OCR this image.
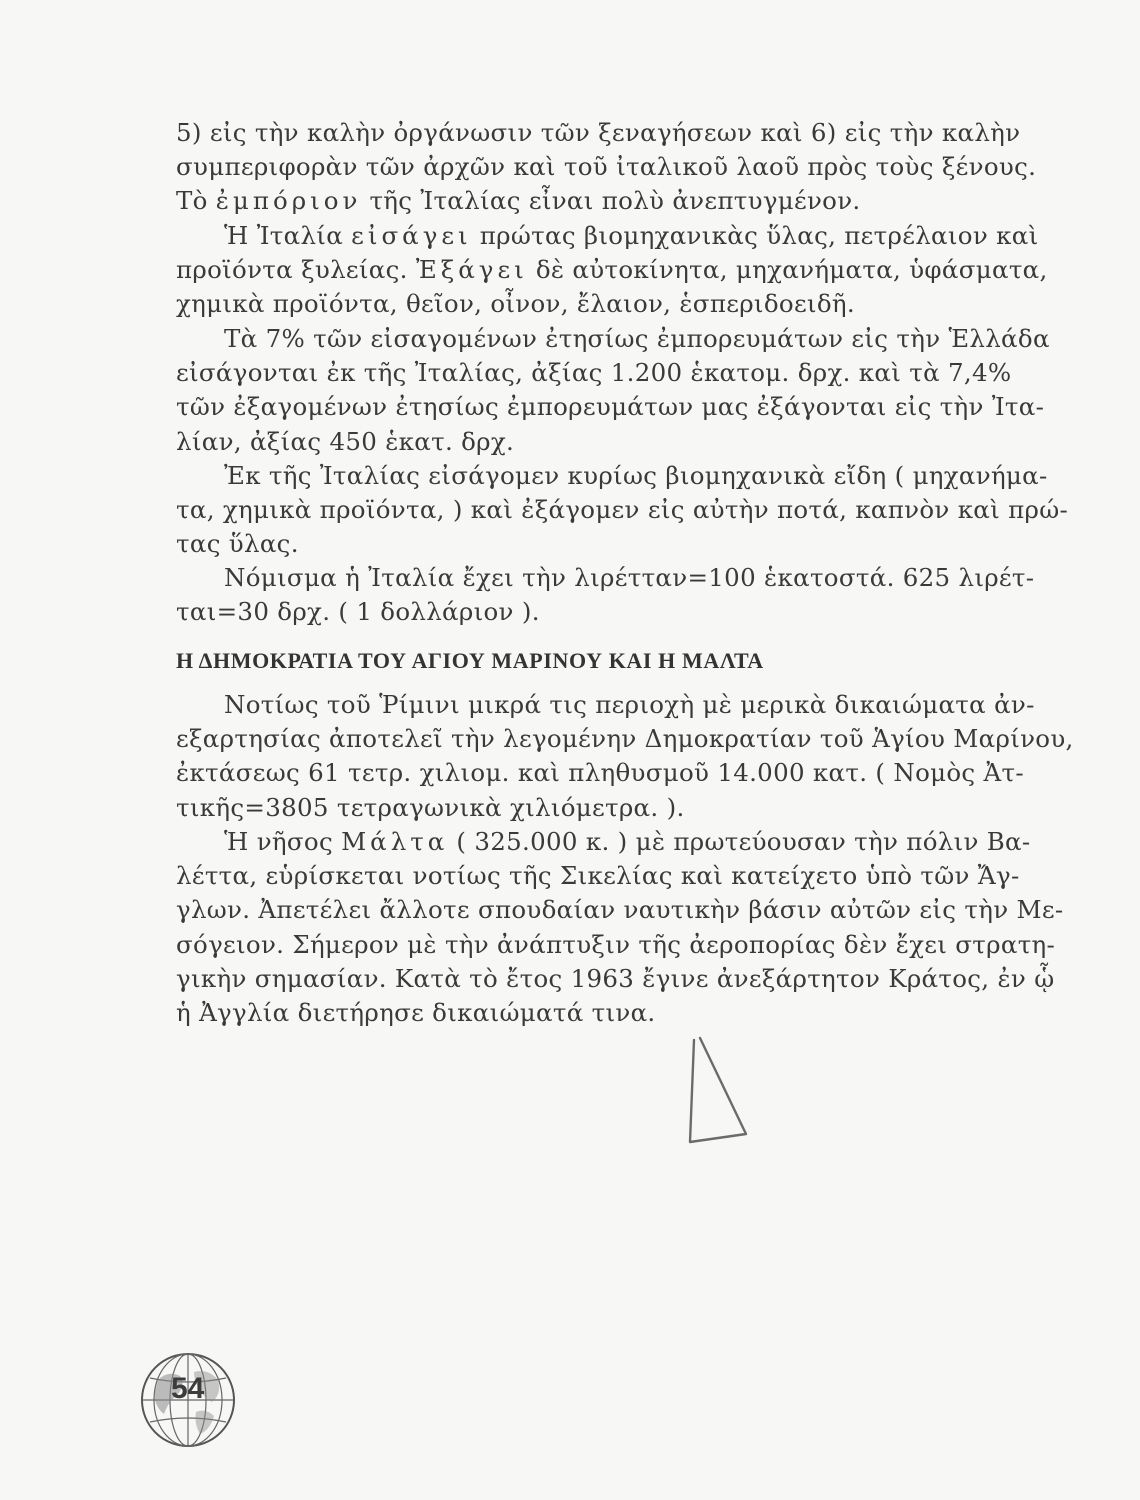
5) εἰς τὴν καλὴν ὀργάνωσιν τῶν ξεναγήσεων καὶ 6) εἰς τὴν καλὴν
συμπεριφορὰν τῶν ἀρχῶν καὶ τοῦ ἰταλικοῦ λαοῦ πρὸς τοὺς ξένους.
Τὸ ἐμπόριον τῆς Ἰταλίας εἶναι πολὺ ἀνεπτυγμένον.
Ἡ Ἰταλία εἰσάγει πρώτας βιομηχανικὰς ὕλας, πετρέλαιον καὶ
προϊόντα ξυλείας. Ἐξάγει δὲ αὐτοκίνητα, μηχανήματα, ὑφάσματα,
χημικὰ προϊόντα, θεῖον, οἶνον, ἔλαιον, ἑσπεριδοειδῆ.
Τὰ 7% τῶν εἰσαγομένων ἐτησίως ἐμπορευμάτων εἰς τὴν Ἑλλάδα
εἰσάγονται ἐκ τῆς Ἰταλίας, ἀξίας 1.200 ἑκατομ. δρχ. καὶ τὰ 7,4%
τῶν ἐξαγομένων ἐτησίως ἐμπορευμάτων μας ἐξάγονται εἰς τὴν Ἰτα-
λίαν, ἀξίας 450 ἑκατ. δρχ.
Ἐκ τῆς Ἰταλίας εἰσάγομεν κυρίως βιομηχανικὰ εἴδη ( μηχανήμα-
τα, χημικὰ προϊόντα, ) καὶ ἐξάγομεν εἰς αὐτὴν ποτά, καπνὸν καὶ πρώ-
τας ὕλας.
Νόμισμα ἡ Ἰταλία ἔχει τὴν λιρέτταν=100 ἑκατοστά. 625 λιρέτ-
ται=30 δρχ. ( 1 δολλάριον ).
Η ΔΗΜΟΚΡΑΤΙΑ ΤΟΥ ΑΓΙΟΥ ΜΑΡΙΝΟΥ ΚΑΙ Η ΜΑΛΤΑ
Νοτίως τοῦ Ῥίμινι μικρά τις περιοχὴ μὲ μερικὰ δικαιώματα ἀν-
εξαρτησίας ἀποτελεῖ τὴν λεγομένην Δημοκρατίαν τοῦ Ἁγίου Μαρίνου,
ἐκτάσεως 61 τετρ. χιλιομ. καὶ πληθυσμοῦ 14.000 κατ. ( Νομὸς Ἀτ-
τικῆς=3805 τετραγωνικὰ χιλιόμετρα. ).
Ἡ νῆσος Μάλτα ( 325.000 κ. ) μὲ πρωτεύουσαν τὴν πόλιν Βα-
λέττα, εὑρίσκεται νοτίως τῆς Σικελίας καὶ κατείχετο ὑπὸ τῶν Ἄγ-
γλων. Ἀπετέλει ἄλλοτε σπουδαίαν ναυτικὴν βάσιν αὐτῶν εἰς τὴν Με-
σόγειον. Σήμερον μὲ τὴν ἀνάπτυξιν τῆς ἀεροπορίας δὲν ἔχει στρατη-
γικὴν σημασίαν. Κατὰ τὸ ἔτος 1963 ἔγινε ἀνεξάρτητον Κράτος, ἐν ᾧ
ἡ Ἀγγλία διετήρησε δικαιώματά τινα.
54
